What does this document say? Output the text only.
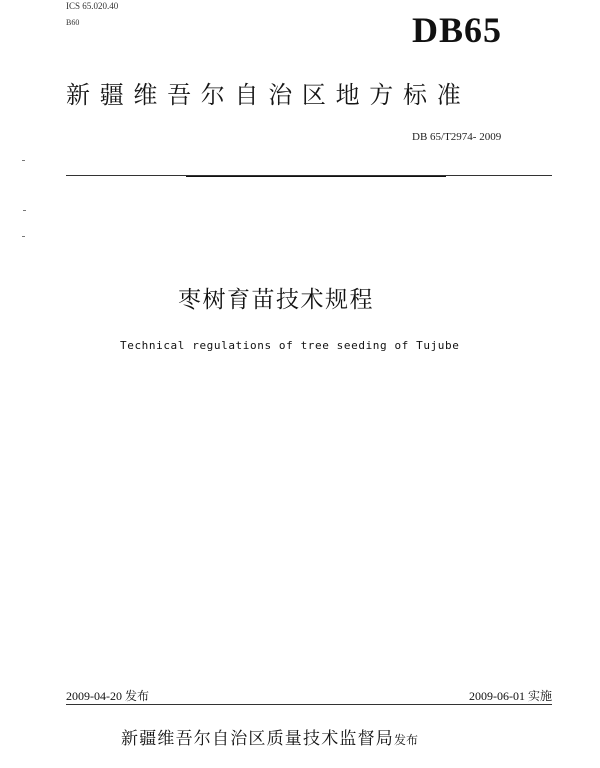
ICS 65.020.40
B60	DB65
新疆维吾尔自治区地方标准
DB 65/T2974- 2009
枣树育苗技术规程
Technical regulations of tree seeding of Tujube
2009-04-20 发布	2009-06-01 实施
新疆维吾尔自治区质量技术监督局发布
